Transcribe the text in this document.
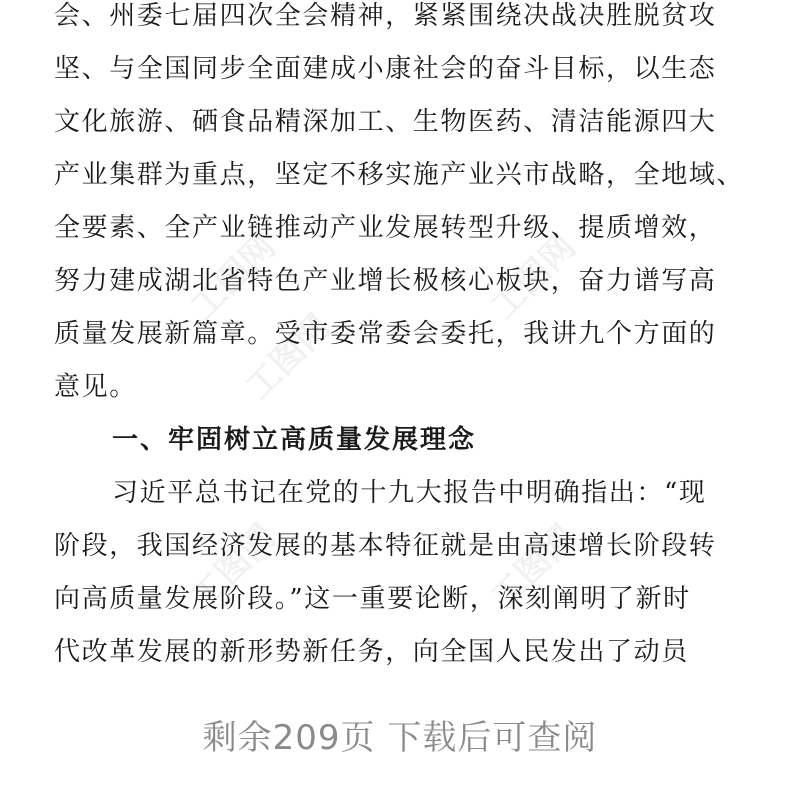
工图网	工图网
工图网
工图网	工图网
会、州委七届四次全会精神，紧紧围绕决战决胜脱贫攻
坚、与全国同步全面建成小康社会的奋斗目标，以生态
文化旅游、硒食品精深加工、生物医药、清洁能源四大
产业集群为重点，坚定不移实施产业兴市战略，全地域、
全要素、全产业链推动产业发展转型升级、提质增效，
努力建成湖北省特色产业增长极核心板块，奋力谱写高
质量发展新篇章。受市委常委会委托，我讲九个方面的
意见。
一、牢固树立高质量发展理念
习近平总书记在党的十九大报告中明确指出：“现
阶段，我国经济发展的基本特征就是由高速增长阶段转
向高质量发展阶段。”这一重要论断，深刻阐明了新时
代改革发展的新形势新任务，向全国人民发出了动员
剩余209页 下载后可查阅
